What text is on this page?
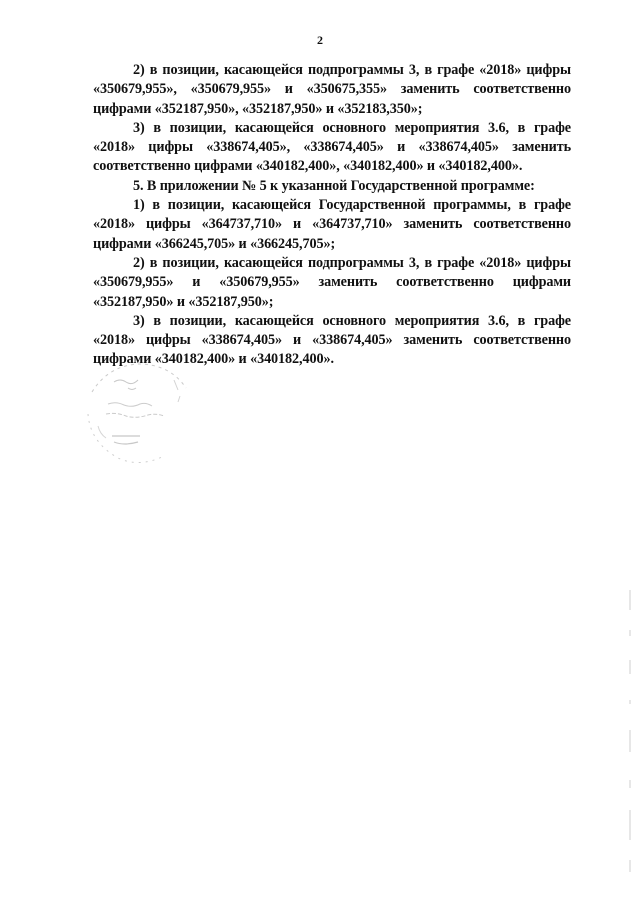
2

2) в позиции, касающейся подпрограммы 3, в графе «2018» цифры «350679,955», «350679,955» и «350675,355» заменить соответственно цифрами «352187,950», «352187,950» и «352183,350»;

3) в позиции, касающейся основного мероприятия 3.6, в графе «2018» цифры «338674,405», «338674,405» и «338674,405» заменить соответственно цифрами «340182,400», «340182,400» и «340182,400».

5. В приложении № 5 к указанной Государственной программе:

1) в позиции, касающейся Государственной программы, в графе «2018» цифры «364737,710» и «364737,710» заменить соответственно цифрами «366245,705» и «366245,705»;

2) в позиции, касающейся подпрограммы 3, в графе «2018» цифры «350679,955» и «350679,955» заменить соответственно цифрами «352187,950» и «352187,950»;

3) в позиции, касающейся основного мероприятия 3.6, в графе «2018» цифры «338674,405» и «338674,405» заменить соответственно цифрами «340182,400» и «340182,400».
